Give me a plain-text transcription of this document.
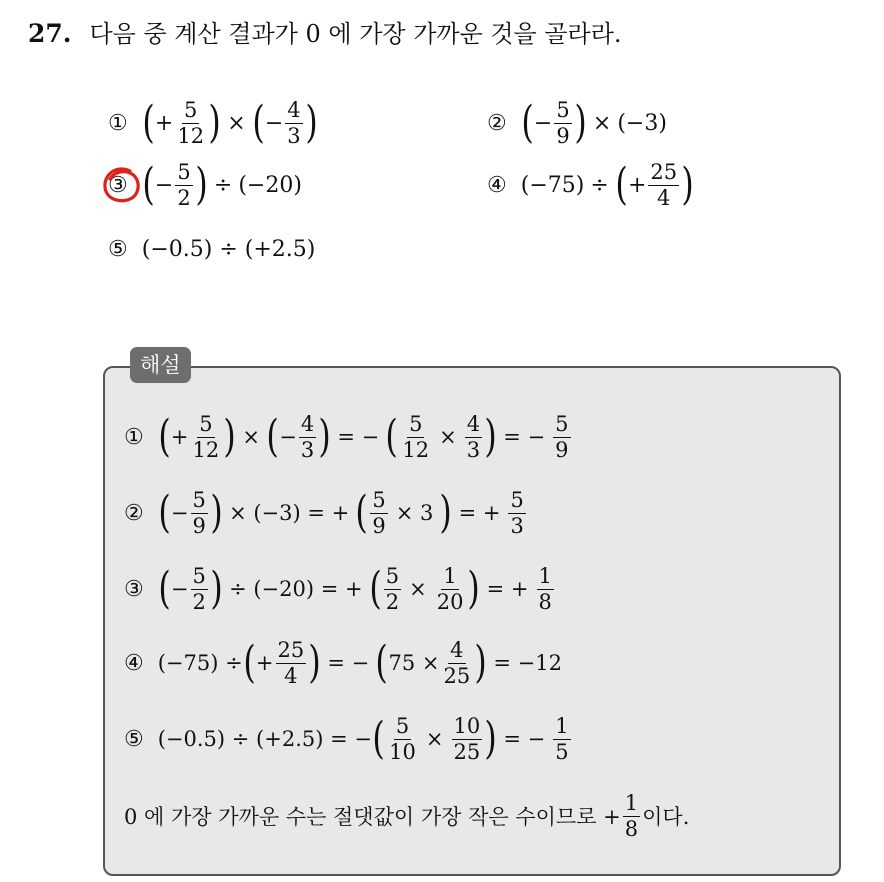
27. 다음 중 계산 결과가 0 에 가장 가까운 것을 골라라.
① ( + $\frac{5}{12}$ ) × ( − $\frac{4}{3}$ )	② ( − $\frac{5}{9}$ ) × (−3)
③ ( − $\frac{5}{2}$ ) ÷ (−20)	④ (−75) ÷ ( + $\frac{25}{4}$ )
⑤ (−0.5) ÷ (+2.5)
해설
① ( + $\frac{5}{12}$ ) × ( − $\frac{4}{3}$ ) = − ( $\frac{5}{12} \times \frac{4}{3}$ ) = − $\frac{5}{9}$
② ( − $\frac{5}{9}$ ) × (−3) = + ( $\frac{5}{9} \times 3$ ) = + $\frac{5}{3}$
③ ( − $\frac{5}{2}$ ) ÷ (−20) = + ( $\frac{5}{2} \times \frac{1}{20}$ ) = + $\frac{1}{8}$
④ (−75) ÷ ( + $\frac{25}{4}$ ) = − ( $75 \times \frac{4}{25}$ ) = −12
⑤ (−0.5) ÷ (+2.5) = − ( $\frac{5}{10} \times \frac{10}{25}$ ) = − $\frac{1}{5}$
0 에 가장 가까운 수는 절댓값이 가장 작은 수이므로 + $\frac{1}{8}$ 이다.
